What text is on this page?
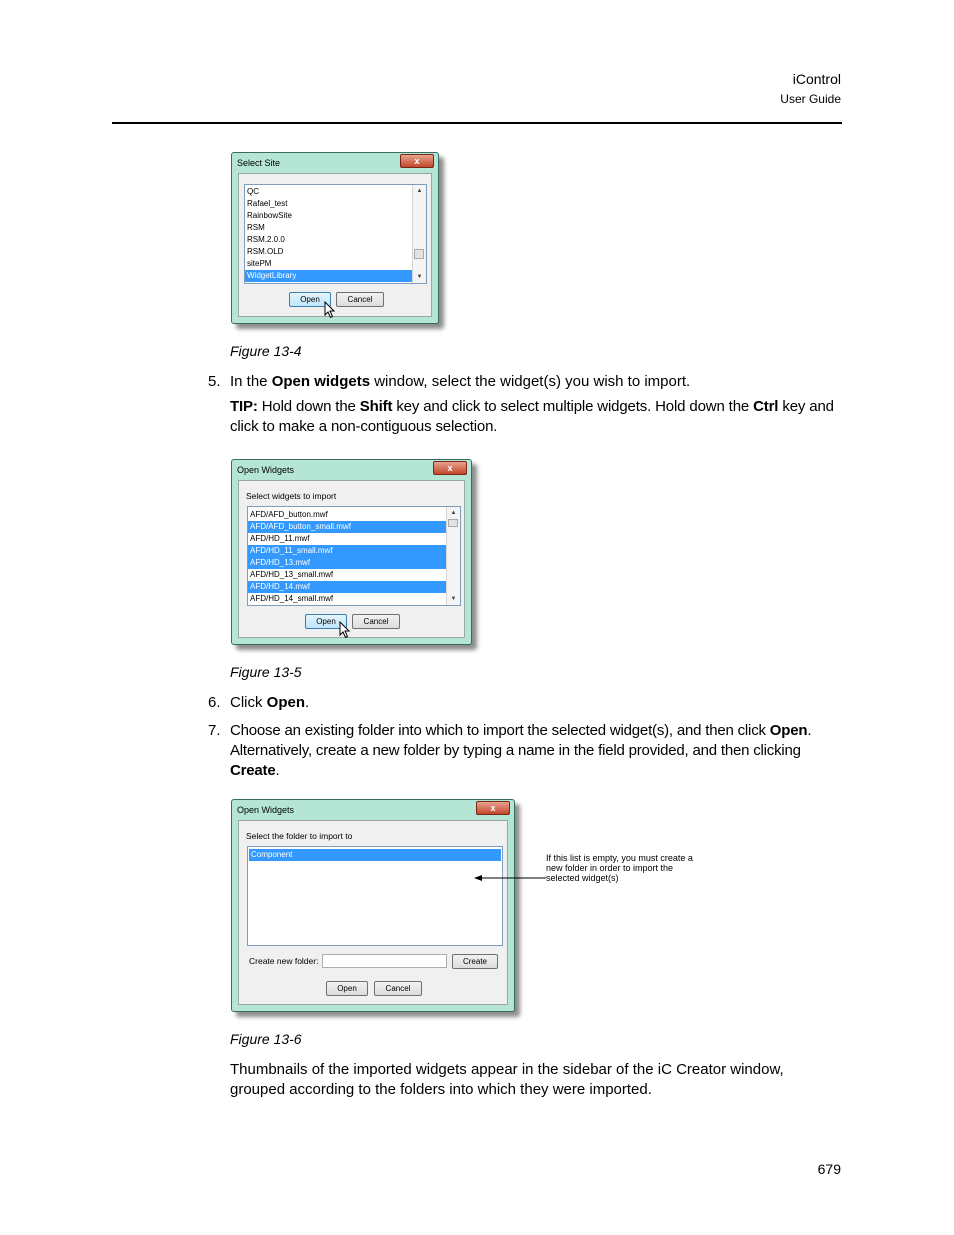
iControl
User Guide
Select Site	x
QC
Rafael_test
RainbowSite
RSM
RSM.2.0.0
RSM.OLD
sitePM
WidgetLibrary
▲
▼
Open	Cancel
Figure 13-4
5. In the Open widgets window, select the widget(s) you wish to import.
TIP: Hold down the Shift key and click to select multiple widgets. Hold down the Ctrl key and click to make a non-contiguous selection.
Open Widgets	x
Select widgets to import
AFD/AFD_button.mwf
AFD/AFD_button_small.mwf
AFD/HD_11.mwf
AFD/HD_11_small.mwf
AFD/HD_13.mwf
AFD/HD_13_small.mwf
AFD/HD_14.mwf
AFD/HD_14_small.mwf
▲
▼
Open	Cancel
Figure 13-5
6. Click Open.
7. Choose an existing folder into which to import the selected widget(s), and then click Open. Alternatively, create a new folder by typing a name in the field provided, and then clicking Create.
Open Widgets	x
Select the folder to import to
Component
Create new folder:	Create
Open	Cancel
If this list is empty, you must create a new folder in order to import the selected widget(s)
Figure 13-6
Thumbnails of the imported widgets appear in the sidebar of the iC Creator window, grouped according to the folders into which they were imported.
679
